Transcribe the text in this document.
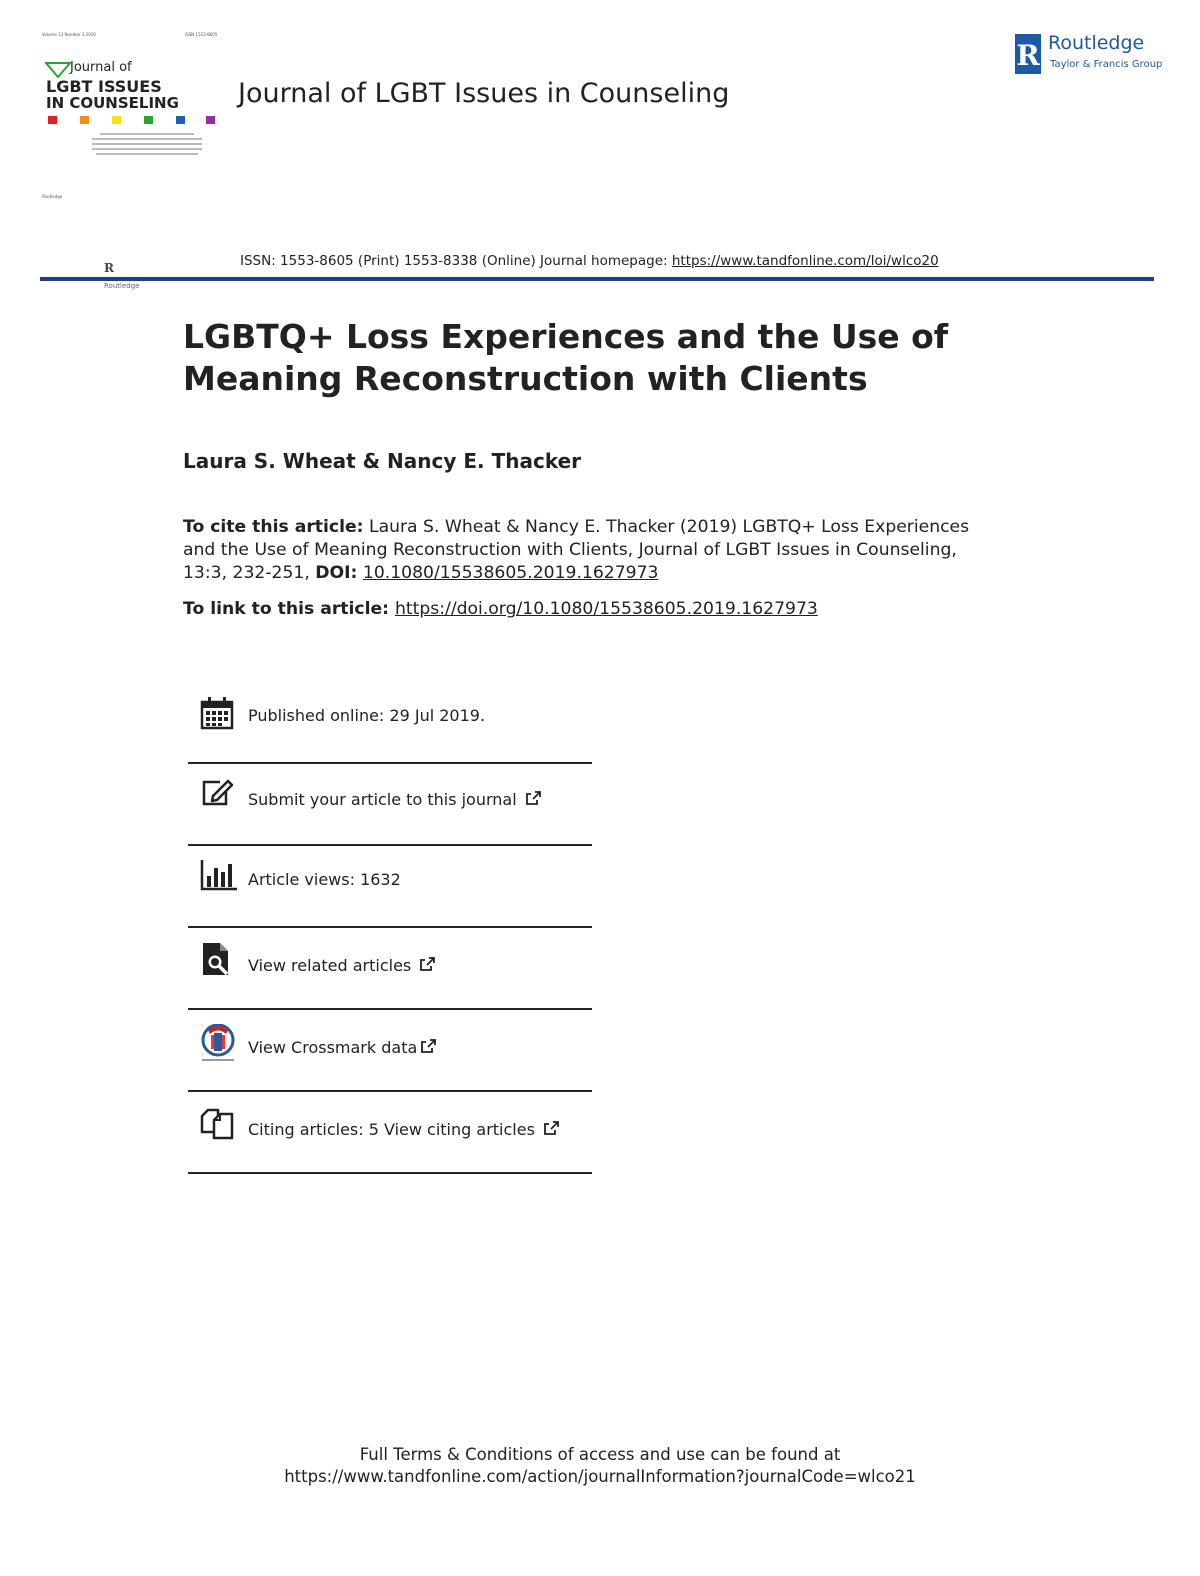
Volume 13 Number 3 2019	ISSN 1553-8605
Journal of
LGBT ISSUES
IN COUNSELING
Routledge
Journal of LGBT Issues in Counseling
R Routledge
Taylor & Francis Group
R Routledge
ISSN: 1553-8605 (Print) 1553-8338 (Online) Journal homepage: https://www.tandfonline.com/loi/wlco20
LGBTQ+ Loss Experiences and the Use of Meaning Reconstruction with Clients
Laura S. Wheat & Nancy E. Thacker
To cite this article: Laura S. Wheat & Nancy E. Thacker (2019) LGBTQ+ Loss Experiences and the Use of Meaning Reconstruction with Clients, Journal of LGBT Issues in Counseling, 13:3, 232-251, DOI: 10.1080/15538605.2019.1627973
To link to this article: https://doi.org/10.1080/15538605.2019.1627973
Published online: 29 Jul 2019.
Submit your article to this journal
Article views: 1632
View related articles
View Crossmark data
Citing articles: 5 View citing articles
Full Terms & Conditions of access and use can be found at
https://www.tandfonline.com/action/journalInformation?journalCode=wlco21
